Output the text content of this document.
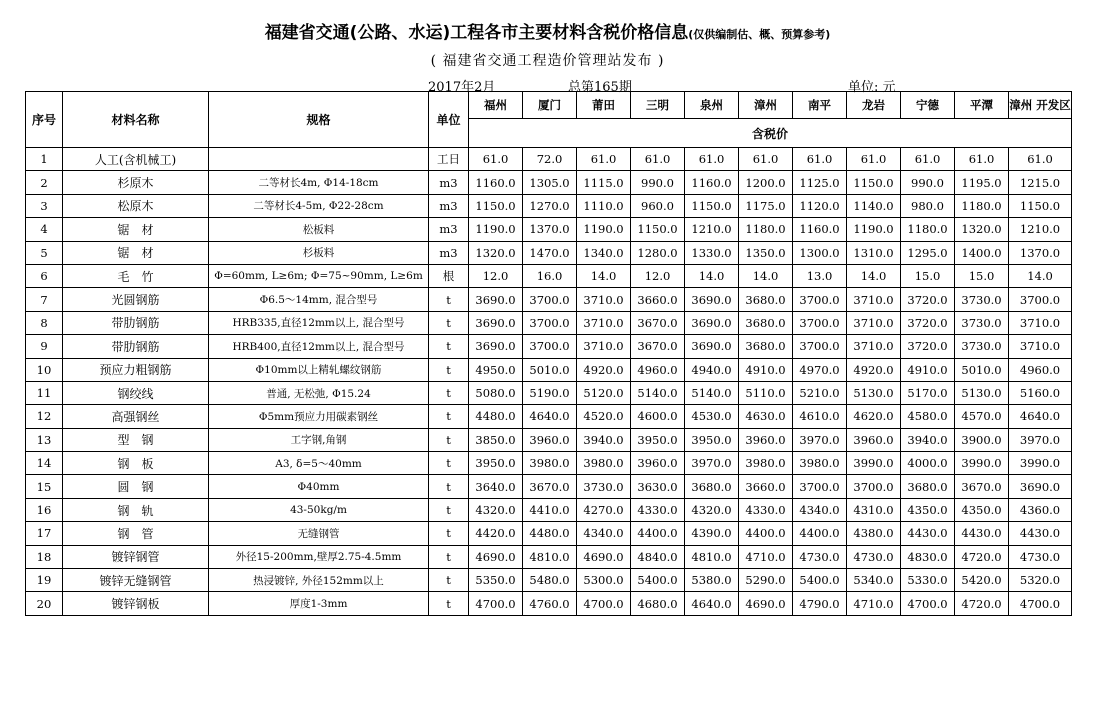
福建省交通(公路、水运)工程各市主要材料含税价格信息(仅供编制估、概、预算参考)
( 福建省交通工程造价管理站发布 )
2017年2月	总第165期	单位: 元
序号	材料名称	规格	单位	福州	厦门	莆田	三明	泉州	漳州	南平	龙岩	宁德	平潭	漳州 开发区
				含税价										
1	人工(含机械工)		工日	61.0	72.0	61.0	61.0	61.0	61.0	61.0	61.0	61.0	61.0	61.0
2	杉原木	二等材长4m, Φ14-18cm	m3	1160.0	1305.0	1115.0	990.0	1160.0	1200.0	1125.0	1150.0	990.0	1195.0	1215.0
3	松原木	二等材长4-5m, Φ22-28cm	m3	1150.0	1270.0	1110.0	960.0	1150.0	1175.0	1120.0	1140.0	980.0	1180.0	1150.0
4	锯　材	松板料	m3	1190.0	1370.0	1190.0	1150.0	1210.0	1180.0	1160.0	1190.0	1180.0	1320.0	1210.0
5	锯　材	杉板料	m3	1320.0	1470.0	1340.0	1280.0	1330.0	1350.0	1300.0	1310.0	1295.0	1400.0	1370.0
6	毛　竹	Φ=60mm, L≥6m; Φ=75~90mm, L≥6m	根	12.0	16.0	14.0	12.0	14.0	14.0	13.0	14.0	15.0	15.0	14.0
7	光圆钢筋	Φ6.5～14mm, 混合型号	t	3690.0	3700.0	3710.0	3660.0	3690.0	3680.0	3700.0	3710.0	3720.0	3730.0	3700.0
8	带肋钢筋	HRB335,直径12mm以上, 混合型号	t	3690.0	3700.0	3710.0	3670.0	3690.0	3680.0	3700.0	3710.0	3720.0	3730.0	3710.0
9	带肋钢筋	HRB400,直径12mm以上, 混合型号	t	3690.0	3700.0	3710.0	3670.0	3690.0	3680.0	3700.0	3710.0	3720.0	3730.0	3710.0
10	预应力粗钢筋	Φ10mm以上精轧螺纹钢筋	t	4950.0	5010.0	4920.0	4960.0	4940.0	4910.0	4970.0	4920.0	4910.0	5010.0	4960.0
11	钢绞线	普通, 无松弛, Φ15.24	t	5080.0	5190.0	5120.0	5140.0	5140.0	5110.0	5210.0	5130.0	5170.0	5130.0	5160.0
12	高强钢丝	Φ5mm预应力用碳素钢丝	t	4480.0	4640.0	4520.0	4600.0	4530.0	4630.0	4610.0	4620.0	4580.0	4570.0	4640.0
13	型　钢	工字钢,角钢	t	3850.0	3960.0	3940.0	3950.0	3950.0	3960.0	3970.0	3960.0	3940.0	3900.0	3970.0
14	钢　板	A3, δ=5～40mm	t	3950.0	3980.0	3980.0	3960.0	3970.0	3980.0	3980.0	3990.0	4000.0	3990.0	3990.0
15	圆　钢	Φ40mm	t	3640.0	3670.0	3730.0	3630.0	3680.0	3660.0	3700.0	3700.0	3680.0	3670.0	3690.0
16	钢　轨	43-50kg/m	t	4320.0	4410.0	4270.0	4330.0	4320.0	4330.0	4340.0	4310.0	4350.0	4350.0	4360.0
17	钢　管	无缝钢管	t	4420.0	4480.0	4340.0	4400.0	4390.0	4400.0	4400.0	4380.0	4430.0	4430.0	4430.0
18	镀锌钢管	外径15-200mm,壁厚2.75-4.5mm	t	4690.0	4810.0	4690.0	4840.0	4810.0	4710.0	4730.0	4730.0	4830.0	4720.0	4730.0
19	镀锌无缝钢管	热浸镀锌, 外径152mm以上	t	5350.0	5480.0	5300.0	5400.0	5380.0	5290.0	5400.0	5340.0	5330.0	5420.0	5320.0
20	镀锌钢板	厚度1-3mm	t	4700.0	4760.0	4700.0	4680.0	4640.0	4690.0	4790.0	4710.0	4700.0	4720.0	4700.0
